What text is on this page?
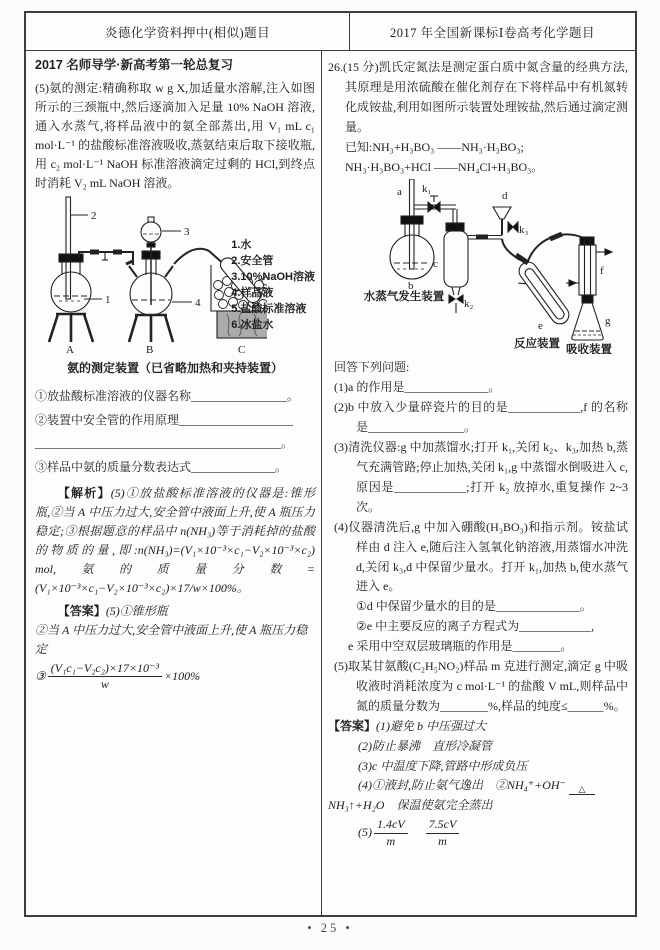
炎德化学资料押中(相似)题目	2017 年全国新课标Ⅰ卷高考化学题目

2017 名师导学·新高考第一轮总复习

(5)氨的测定:精确称取 w g X,加适量水溶解,注入如图所示的三颈瓶中,然后逐滴加入足量 10% NaOH 溶液,通入水蒸气,将样品液中的氨全部蒸出,用 V₁ mL c₁ mol·L⁻¹ 的盐酸标准溶液吸收,蒸氨结束后取下接收瓶,用 c₂ mol·L⁻¹ NaOH 标准溶液滴定过剩的 HCl,到终点时消耗 V₂ mL NaOH 溶液。

2
1
3
4
A	B	C
1.水
2.安全管
3.10%NaOH溶液
4.样品液
5.盐酸标准溶液
6.冰盐水

氨的测定装置（已省略加热和夹持装置）

①放盐酸标准溶液的仪器名称________________。

②装置中安全管的作用原理___________________

_________________________________________。

③样品中氨的质量分数表达式______________。

【解析】(5)①放盐酸标准溶液的仪器是:锥形瓶,②当 A 中压力过大,安全管中液面上升,使 A 瓶压力稳定;③根据题意的样品中 n(NH₃)等于消耗掉的盐酸的物质的量,即:n(NH₃)=(V₁×10⁻³×c₁−V₂×10⁻³×c₂) mol,氨的质量分数=(V₁×10⁻³×c₁−V₂×10⁻³×c₂)×17/w×100%。

【答案】(5)①锥形瓶

②当 A 中压力过大,安全管中液面上升,使 A 瓶压力稳定

③ $\frac{\text{(V₁c₁−V₂c₂)×17×10⁻³}}{w} \times 100\%$

26.(15 分)凯氏定氮法是测定蛋白质中氮含量的经典方法,其原理是用浓硫酸在催化剂存在下将样品中有机氮转化成铵盐,利用如图所示装置处理铵盐,然后通过滴定测量。

已知:NH₃+H₃BO₃ ——NH₃·H₃BO₃;

NH₃·H₃BO₃+HCl ——NH₄Cl+H₃BO₃。

a
b
c
d
e
f
g
k₁
k₂
k₃
水蒸气发生装置
反应装置 吸收装置

回答下列问题:

(1)a 的作用是______________。

(2)b 中放入少量碎瓷片的目的是____________,f 的名称是________________。

(3)清洗仪器:g 中加蒸馏水;打开 k₁,关闭 k₂、k₃,加热 b,蒸气充满管路;停止加热,关闭 k₁,g 中蒸馏水倒吸进入 c,原因是____________;打开 k₂ 放掉水,重复操作 2~3 次。

(4)仪器清洗后,g 中加入硼酸(H₃BO₃)和指示剂。铵盐试样由 d 注入 e,随后注入氢氧化钠溶液,用蒸馏水冲洗 d,关闭 k₃,d 中保留少量水。打开 k₁,加热 b,使水蒸气进入 e。

①d 中保留少量水的目的是______________。

②e 中主要反应的离子方程式为____________,

e 采用中空双层玻璃瓶的作用是________。

(5)取某甘氨酸(C₂H₅NO₂)样品 m 克进行测定,滴定 g 中吸收液时消耗浓度为 c mol·L⁻¹ 的盐酸 V mL,则样品中氮的质量分数为________%,样品的纯度≤______%。

【答案】(1)避免 b 中压强过大

(2)防止暴沸　直形冷凝管

(3)c 中温度下降,管路中形成负压

(4)①液封,防止氨气逸出　②NH₄⁺+OH⁻ △

NH₃↑+H₂O　保温使氨完全蒸出

$(5) \frac{1.4cV}{m} \frac{7.5cV}{m}$

• 25 •
